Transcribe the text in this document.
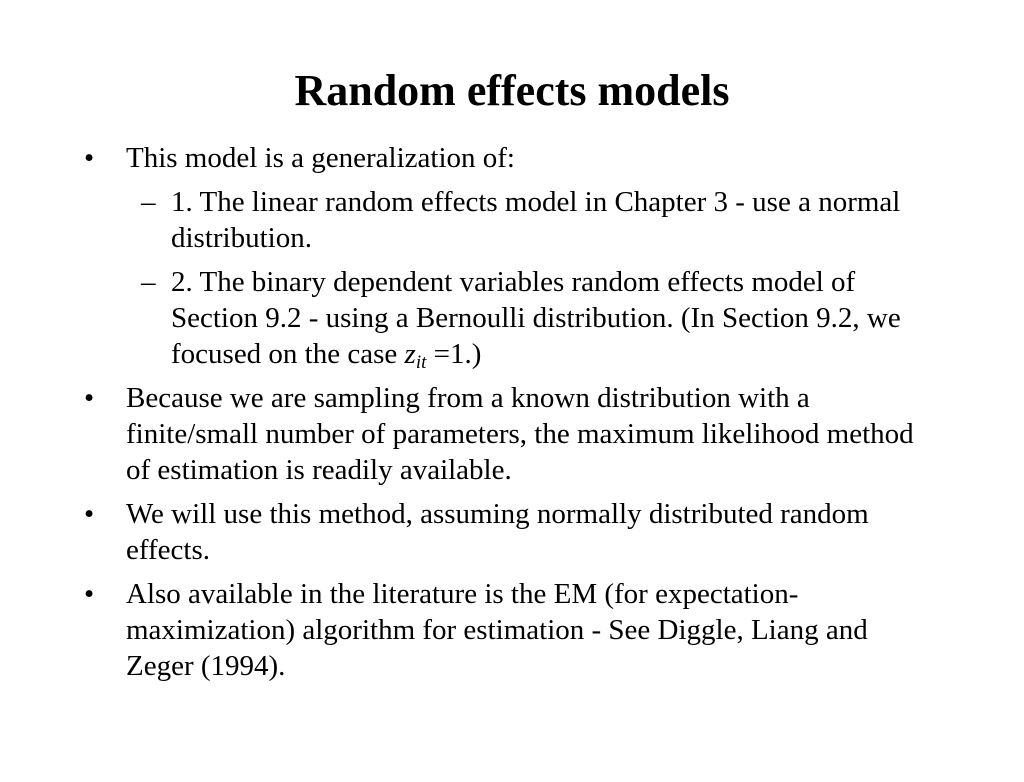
Random effects models
• This model is a generalization of:
– 1. The linear random effects model in Chapter 3 - use a normal distribution.
– 2. The binary dependent variables random effects model of Section 9.2 - using a Bernoulli distribution. (In Section 9.2, we focused on the case $z_{it} =1$.)
• Because we are sampling from a known distribution with a finite/small number of parameters, the maximum likelihood method of estimation is readily available.
• We will use this method, assuming normally distributed random effects.
• Also available in the literature is the EM (for expectation-maximization) algorithm for estimation - See Diggle, Liang and Zeger (1994).
